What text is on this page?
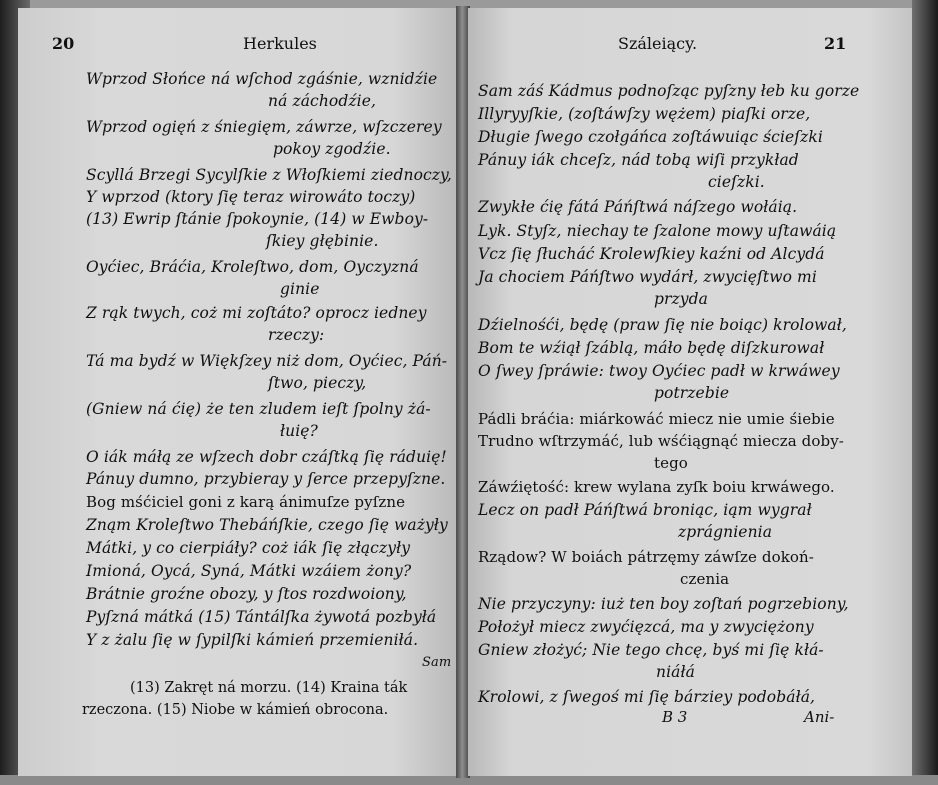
20	Herkules
Wprzod Słońce ná wſchod zgáśnie, wznidźie
ná záchodźie,
Wprzod ogięń z śniegięm, záwrze, wſzczerey
pokoy zgodźie.
Scyllá Brzegi Sycylſkie z Włoſkiemi ziednoczy,
Y wprzod (ktory ſię teraz wirowáto toczy)
(13) Ewrip ſtánie ſpokoynie, (14) w Ewboy-
ſkiey głębinie.
Oyćiec, Bráćia, Kroleſtwo, dom, Oyczyzná
ginie
Z rąk twych, coż mi zoſtáto? oprocz iedney
rzeczy:
Tá ma bydź w Więkſzey niż dom, Oyćiec, Páń-
ſtwo, pieczy,
(Gniew ná ćię) że ten zludem ieſt ſpolny żá-
łuię?
O iák máłą ze wſzech dobr czáſtką ſię ráduię!
Pánuy dumno, przybieray y ſerce przepyſzne.
Bog mśćiciel goni z karą ánimuſze pyſzne
Znąm Kroleſtwo Thebáńſkie, czego ſię ważyły
Mátki, y co cierpiáły? coż iák ſię złączyły
Imioná, Oycá, Syná, Mátki wzáiem żony?
Brátnie groźne obozy, y ſtos rozdwoiony,
Pyſzná mátká (15) Tántálſka żywotá pozbyłá
Y z żalu ſię w ſypilſki kámień przemieniłá.
Sam
(13) Zakręt ná morzu. (14) Kraina ták
rzeczona. (15) Niobe w kámień obrocona.
Száleiący.	21
Sam záś Kádmus podnoſząc pyſzny łeb ku gorze
Illyryyſkie, (zoſtáwſzy wężem) piaſki orze,
Długie ſwego czołgáńca zoſtáwuiąc ścieſzki
Pánuy iák chceſz, nád tobą wiſi przykład
cieſzki.
Zwykłe ćię fátá Páńſtwá náſzego wołáią.
Lyk. Styſz, niechay te ſzalone mowy uſtawáią
Vcz ſię ſłucháć Krolewſkiey kaźni od Alcydá
Ja chociem Páńſtwo wydárł, zwycięſtwo mi
przyda
Dźielnośći, będę (praw ſię nie boiąc) krolował,
Bom te wźiął ſzáblą, máło będę diſzkurował
O ſwey ſpráwie: twoy Oyćiec padł w krwáwey
potrzebie
Pádli bráćia: miárkowáć miecz nie umie śiebie
Trudno wſtrzymáć, lub wśćiągnąć miecza doby-
tego
Záwźiętość: krew wylana zyſk boiu krwáwego.
Lecz on padł Páńſtwá broniąc, iąm wygrał
zprágnienia
Rządow? W boiách pátrzęmy záwſze dokoń-
czenia
Nie przyczyny: iuż ten boy zoſtań pogrzebiony,
Położył miecz zwyćięzcá, ma y zwyciężony
Gniew złożyć; Nie tego chcę, byś mi ſię kłá-
niáłá
Krolowi, z ſwegoś mi ſię bárziey podobáłá,
B 3	Ani-
